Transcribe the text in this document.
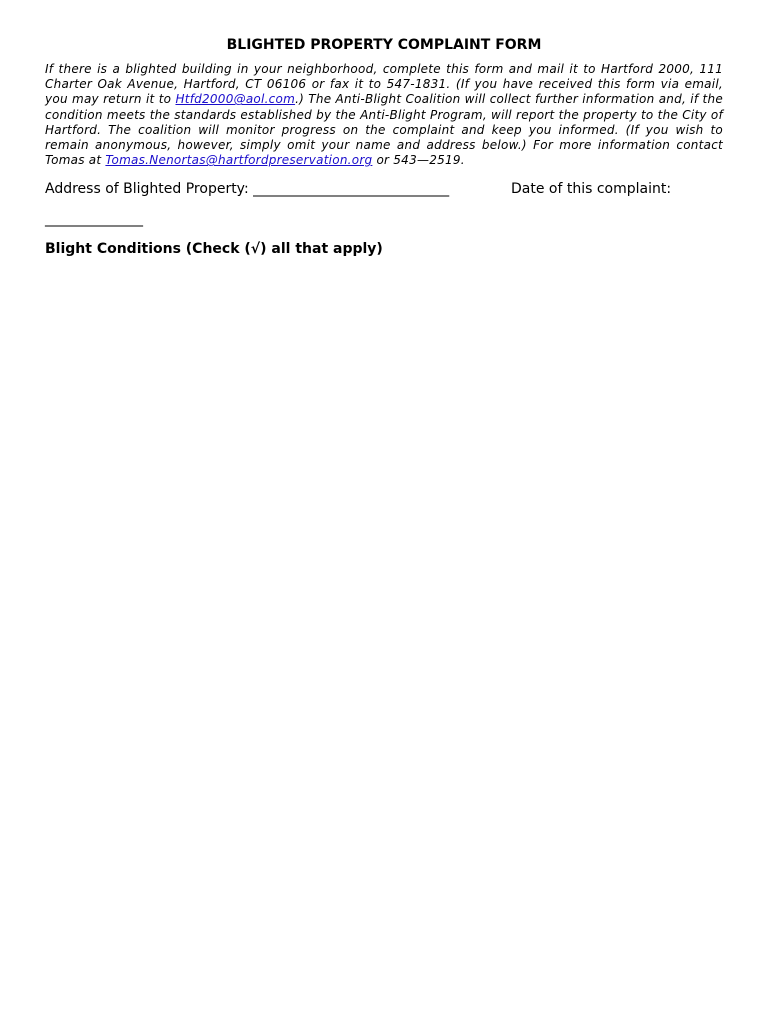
BLIGHTED PROPERTY COMPLAINT FORM

If there is a blighted building in your neighborhood, complete this form and mail it to Hartford 2000, 111 Charter Oak Avenue, Hartford, CT 06106 or fax it to 547-1831. (If you have received this form via email, you may return it to Htfd2000@aol.com.) The Anti-Blight Coalition will collect further information and, if the condition meets the standards established by the Anti-Blight Program, will report the property to the City of Hartford. The coalition will monitor progress on the complaint and keep you informed. (If you wish to remain anonymous, however, simply omit your name and address below.) For more information contact Tomas at Tomas.Nenortas@hartfordpreservation.org or 543—2519.

Address of Blighted Property: ____________________________	Date of this complaint:
______________
Blight Conditions (Check (√) all that apply)
